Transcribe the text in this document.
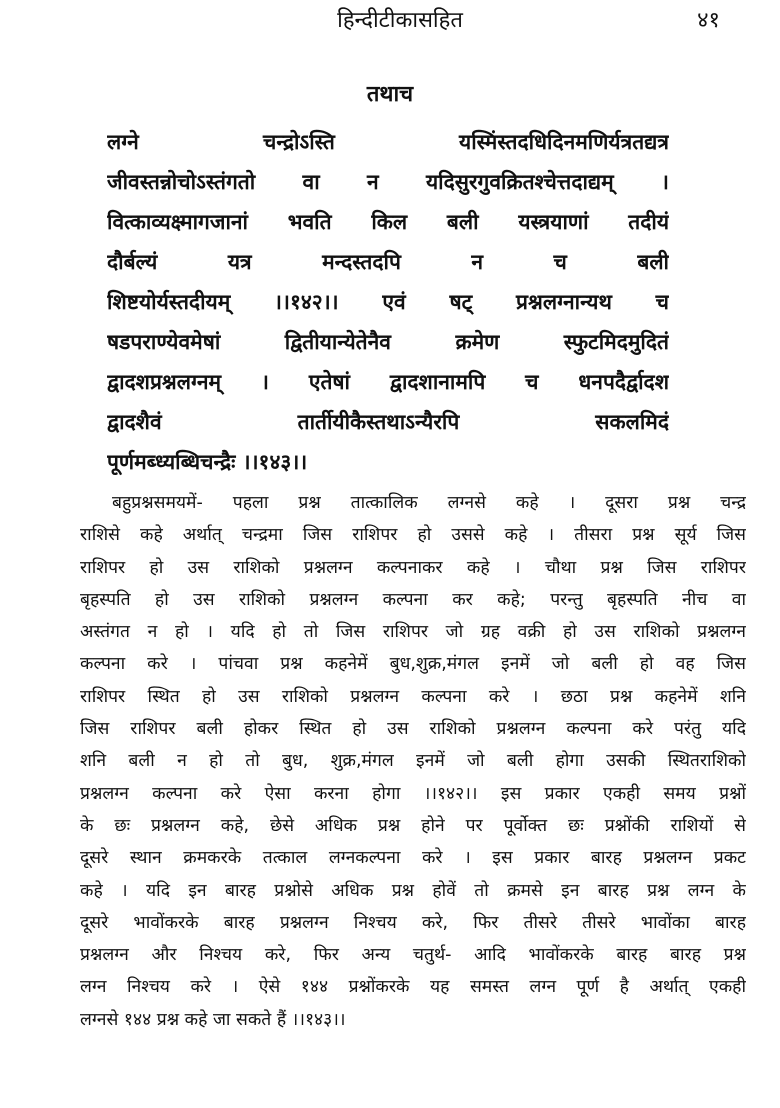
हिन्दीटीकासहित	४१
तथाच
लग्ने चन्द्रोऽस्ति यस्मिंस्तदधिदिनमणिर्यत्रतद्यत्र
जीवस्तन्नोचोऽस्तंगतो वा न यदिसुरगुवक्रितश्चेत्तदाद्यम् ।
वित्काव्यक्ष्मागजानां भवति किल बली यस्त्रयाणां तदीयं
दौर्बल्यं यत्र मन्दस्तदपि न च बली
शिष्टयोर्यस्तदीयम् ।।१४२।। एवं षट् प्रश्नलग्नान्यथ च
षडपराण्येवमेषां द्वितीयान्येतेनैव क्रमेण स्फुटमिदमुदितं
द्वादशप्रश्नलग्नम् । एतेषां द्वादशानामपि च धनपदैर्द्वादश
द्वादशैवं तार्तीयीकैस्तथाऽन्यैरपि सकलमिदं
पूर्णमब्ध्यब्धिचन्द्रैः ।।१४३।।
बहुप्रश्नसमयमें- पहला प्रश्न तात्कालिक लग्नसे कहे । दूसरा प्रश्न चन्द्र
राशिसे कहे अर्थात् चन्द्रमा जिस राशिपर हो उससे कहे । तीसरा प्रश्न सूर्य जिस
राशिपर हो उस राशिको प्रश्नलग्न कल्पनाकर कहे । चौथा प्रश्न जिस राशिपर
बृहस्पति हो उस राशिको प्रश्नलग्न कल्पना कर कहे; परन्तु बृहस्पति नीच वा
अस्तंगत न हो । यदि हो तो जिस राशिपर जो ग्रह वक्री हो उस राशिको प्रश्नलग्न
कल्पना करे । पांचवा प्रश्न कहनेमें बुध,शुक्र,मंगल इनमें जो बली हो वह जिस
राशिपर स्थित हो उस राशिको प्रश्नलग्न कल्पना करे । छठा प्रश्न कहनेमें शनि
जिस राशिपर बली होकर स्थित हो उस राशिको प्रश्नलग्न कल्पना करे परंतु यदि
शनि बली न हो तो बुध, शुक्र,मंगल इनमें जो बली होगा उसकी स्थितराशिको
प्रश्नलग्न कल्पना करे ऐसा करना होगा ।।१४२।। इस प्रकार एकही समय प्रश्नों
के छः प्रश्नलग्न कहे, छेसे अधिक प्रश्न होने पर पूर्वोक्त छः प्रश्नोंकी राशियों से
दूसरे स्थान क्रमकरके तत्काल लग्नकल्पना करे । इस प्रकार बारह प्रश्नलग्न प्रकट
कहे । यदि इन बारह प्रश्नोसे अधिक प्रश्न होवें तो क्रमसे इन बारह प्रश्न लग्न के
दूसरे भावोंकरके बारह प्रश्नलग्न निश्चय करे, फिर तीसरे तीसरे भावोंका बारह
प्रश्नलग्न और निश्चय करे, फिर अन्य चतुर्थ- आदि भावोंकरके बारह बारह प्रश्न
लग्न निश्चय करे । ऐसे १४४ प्रश्नोंकरके यह समस्त लग्न पूर्ण है अर्थात् एकही
लग्नसे १४४ प्रश्न कहे जा सकते हैं ।।१४३।।
